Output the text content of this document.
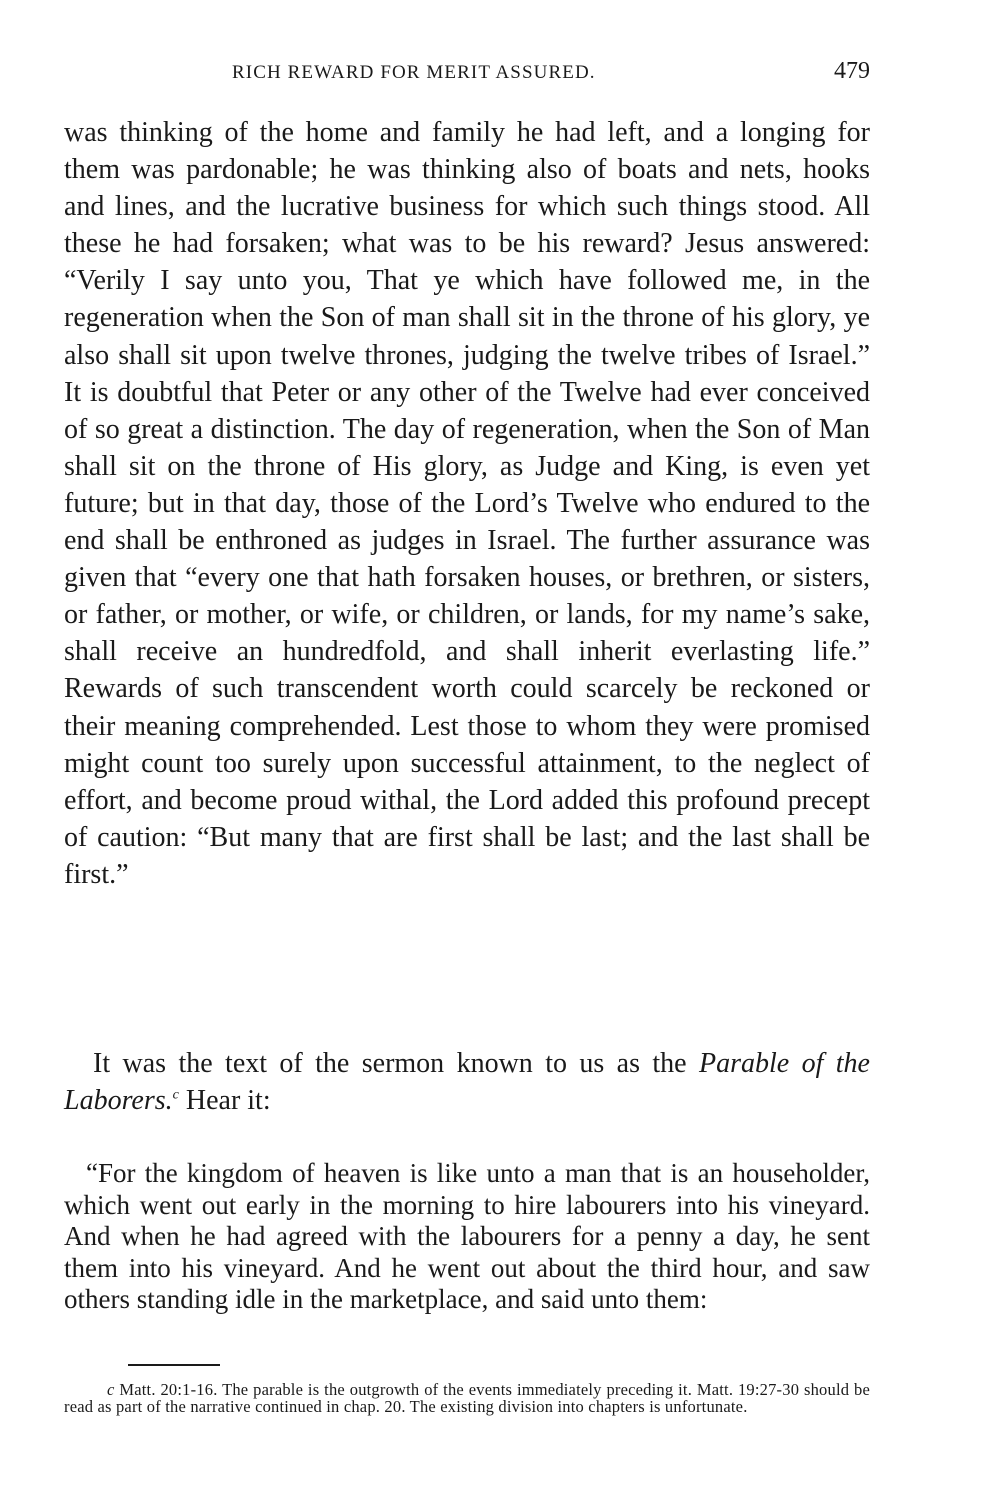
RICH REWARD FOR MERIT ASSURED.	479

was thinking of the home and family he had left, and a longing for them was pardonable; he was thinking also of boats and nets, hooks and lines, and the lucrative business for which such things stood. All these he had forsaken; what was to be his reward? Jesus answered: “Verily I say unto you, That ye which have followed me, in the regeneration when the Son of man shall sit in the throne of his glory, ye also shall sit upon twelve thrones, judging the twelve tribes of Israel.” It is doubtful that Peter or any other of the Twelve had ever conceived of so great a distinction. The day of regeneration, when the Son of Man shall sit on the throne of His glory, as Judge and King, is even yet future; but in that day, those of the Lord’s Twelve who endured to the end shall be enthroned as judges in Israel. The further assurance was given that “every one that hath forsaken houses, or brethren, or sisters, or father, or mother, or wife, or children, or lands, for my name’s sake, shall receive an hundredfold, and shall inherit everlasting life.” Rewards of such transcendent worth could scarcely be reckoned or their meaning comprehended. Lest those to whom they were promised might count too surely upon successful attainment, to the neglect of effort, and become proud withal, the Lord added this profound precept of caution: “But many that are first shall be last; and the last shall be first.”

It was the text of the sermon known to us as the Parable of the Laborers.$^c$ Hear it:

“For the kingdom of heaven is like unto a man that is an householder, which went out early in the morning to hire labourers into his vineyard. And when he had agreed with the labourers for a penny a day, he sent them into his vineyard. And he went out about the third hour, and saw others standing idle in the marketplace, and said unto them:

c Matt. 20:1-16. The parable is the outgrowth of the events immediately preceding it. Matt. 19:27-30 should be read as part of the narrative continued in chap. 20. The existing division into chapters is unfortunate.
